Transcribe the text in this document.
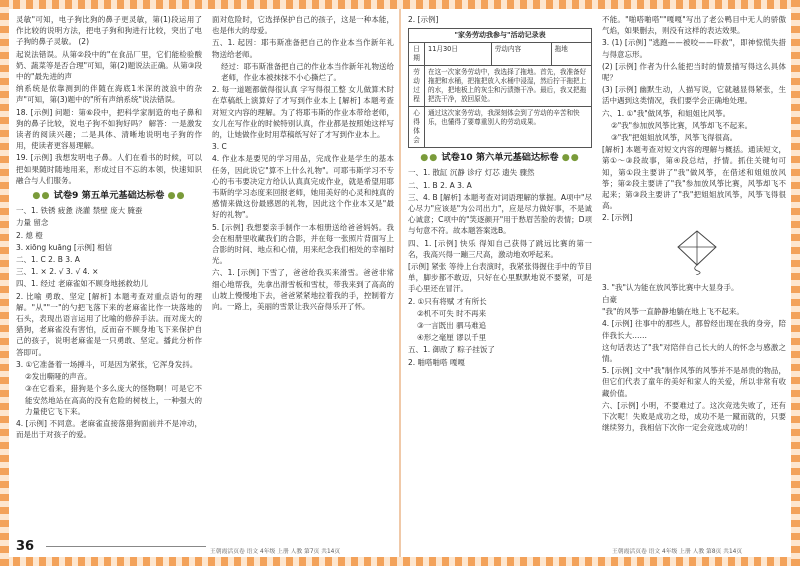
灵敏"可知，电子狗比狗的鼻子更灵敏，第(1)段运用了作比较的说明方法，把电子狗和狗进行比较，突出了电子狗的鼻子灵敏。 (2)
起说法错误。从第②段中的"在食品厂里，它们能检验酸奶、蔬菜等是否合理"可知，第(2)题说法正确。从第③段中的"最先进的声
纳系统是依靠测到的伴随在海底1米深的波浪中的杂声"可知，第(3)题中的"所有声纳系统"说法错误。
18. [示例] 问题：第⑥段中，把科学家制造的电子鼻和狗的鼻子比较，说电子狗不如狗好吗？ 解答：一是激发读者的阅读兴趣；二是具体、清晰地说明电子狗的作用，使读者更容易理解。
19. [示例] 我想发明电子鼻。人们在看书的时候，可以把如果随时随地用来，形成过目不忘的本领，快速知识融合与人们服务。
●● 试卷9 第五单元基础达标卷 ●●
一、1. 铁锈 疲惫 浇灌 禁壁 庞大 腌蚕
力量 留念
2. 熄 橙
3. xiōng kuāng [示例] 相信
二、1. C 2. B 3. A
三、1. × 2. √ 3. √ 4. ×
四、1. 经过 老麻雀如不顾身地拯救幼儿
2. 比喻 勇敢、坚定 [解析] 本题考查对重点语句的理解。"从""一"的勺把飞落下来的老麻雀比作一块落地的石头，表现出语言运用了比喻的修辞手法。而对庞大的猎狗，老麻雀没有害怕，反而奋不顾身地飞下来保护自己的孩子，说明老麻雀是一只勇敢、坚定。播此分析作答即可。
3. ①它准备着一场搏斗，可是因为紧张，它浑身发抖。
②发出嘶哑的声音。
③在它看来，猎狗是个多么庞大的怪物啊！可是它不能安然地站在高高的没有危险的树枝上，一种强大的力量使它飞下来。
4. [示例] 不同意。老麻雀直接落猎狗面前并不是冲动，而是出于对孩子的爱。
面对危险时，它选择保护自己的孩子，这是一种本能，也是伟大的母爱。
五、1. 起因：耶韦斯准备把自己的作业本当作新年礼物送给老师。
经过：耶韦斯准备把自己的作业本当作新年礼物送给老师，作业本被抹抹不小心撕烂了。
2. 每一道题都做得很认真 字写得很工整 女儿做算术时在草稿纸上演算好了才写到作业本上 [解析] 本题考查对短文内容的理解。为了将耶韦斯的作业本带给老师，女儿在写作业的时候特别认真，作业都是按照她这样写的，让她做作业时用草稿纸写好了才写到作业本上。
3. C
4. 作业本是要见的学习用品，完成作业是学生的基本任务，因此说它"算不上什么礼物"。可耶韦斯学习不专心的韦韦要决定方给认认真真完成作业，就是希望用耶韦斯的学习态度来回报老师，她用美好的心灵和纯真的感情来做这份最感恩的礼物，因此这个作业本又是"最好的礼物"。
5. [示例] 我想要亲手制作一本相册送给爸爸妈妈。我会在相册里收藏我们的合影，并在每一张照片背面写上合影的时间、地点和心情，用来纪念我们相处的幸福时光。
六、1. [示例] 下雪了，爸爸给我买来滑雪。爸爸非常细心地帮我，先拿出滑雪板和雪杖，带我来到了高高的山坡上慢慢地下去，爸爸紧紧地拉着我的手，控制着方向。一路上，美丽的雪景让我兴奋得乐开了怀。
36	王朝霞活页卷 语文 4年级 上册 人教 第7页 共14页
2. [示例]
"家务劳动我参与"活动记录表			
日期	11月30日	劳动内容	拖地
劳动过程	在这一次家务劳动中，我选择了拖地。首先，我准备好拖把和水桶，把拖把放入水桶中浸湿，然后拧干拖把上的水，把地板上的灰尘和污渍擦干净。最后，我又把拖把洗干净，放回原处。		
心得体会	通过这次家务劳动，我深刻体会到了劳动的辛苦和快乐，也懂得了要尊重别人的劳动成果。		
●● 试卷10 第六单元基础达标卷 ●●
一、1. 散缸 沉静 诊疗 灯芯 遗失 骤然
二、1. B 2. A 3. A
三、4. B [解析] 本题考查对词语理解的掌握。A项中"尽心尽力"应该是"为公司出力"，应是尽力做好事，不是诚心诚意；C项中的"笑逐颜开"用于愁眉苦脸的表情；D项与句意不符。故本题答案选B。
四、1. [示例] 快乐 得知自己获得了跳远比赛的第一名，我高兴得一蹦三尺高，激动地欢呼起来。
[示例] 紧张 等待上台表演时，我紧张得握住手中的节目单，脚步都不敢迈，只好在心里默默地说不要紧，可是手心里还在冒汗。
2. ①只有将赋 才有所长
②机不可失 时不再来
③一言既出 驷马难追
④形之毫厘 谬以千里
五、1. 御敌了 粽子挂饭了
2. 啪嗒啪嗒 嘎嘎
不能。"啪嗒啪嗒""嘎嘎"写出了老公鸭目中无人的骄傲气焰，如果删去，则没有这样的表达效果。
3. (1) [示例] "逃跑——被咬——吓救"，即神惊慌失措与得意忘形。
(2) [示例] 作者为什么能把当时的情景描写得这么具体呢？
(3) [示例] 幽默生动，人描写说，它就越显得紧张，生活中遇到这类情况，我们要学会正确地处理。
六、1. ①"我"做风筝，和姐姐比风筝。
②"我"参加放风筝比赛，风筝却飞不起来。
③"我"把姐姐放风筝，风筝飞得很高。
[解析] 本题考查对短文内容的理解与概括。通读短文，第①～③段故事，第④段总结，抒情。抓住关键句可知，第①段主要讲了"我"做风筝，在借述和姐姐放风筝；第②段主要讲了"我"参加放风筝比赛，风筝却飞不起来；第③段主要讲了"我"把姐姐放风筝，风筝飞得很高。
2. [示例]
3. "我"认为能在放风筝比赛中大显身手。
白豪
"我"的风筝一直静静地躺在地上飞不起来。
4. [示例] 往事中的那些人，都曾经出现在我的身旁，陪伴我长大……
这句话表达了"我"对陪伴自己长大的人的怀念与感激之情。
5. [示例] 文中"我"制作风筝的风筝并不是昂贵的物品，但它们代表了童年的美好和家人的关爱，所以非常有收藏价值。
六、[示例] 小明，不要难过了。这次竞选失败了，还有下次呢！失败是成功之母，成功不是一蹴而就的，只要继续努力，我相信下次你一定会竞选成功的！
王朝霞活页卷 语文 4年级 上册 人教 第8页 共14页
